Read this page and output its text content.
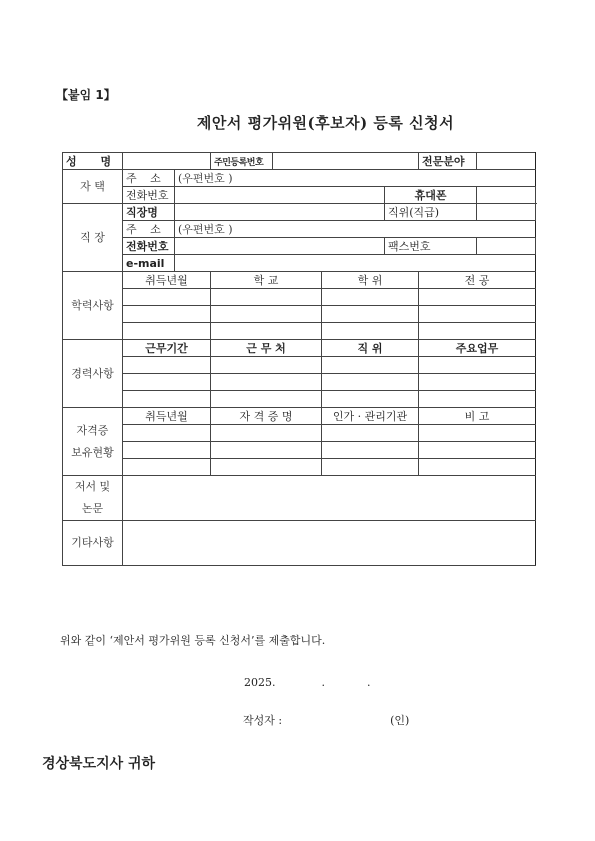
【붙임 1】
제안서 평가위원(후보자) 등록 신청서
성 명			주민등록번호				전문분야	
자 택	주 소	(우편번호 )						
	전화번호					휴대폰		
직 장	직장명					직위(직급)		
	주 소	(우편번호 )						
	전화번호					팩스번호		
	e-mail							
학력사항	취득년월		학 교		학 위		전 공	

경력사항	근무기간		근 무 처		직 위		주요업무	

자격증
보유현황	취득년월		자 격 증 명		인가 · 관리기관		비 고	

저서 및
논문								
기타사항								
위와 같이 ‘제안서 평가위원 등록 신청서’를 제출합니다.
2025.	.	.
작성자 :	(인)
경상북도지사 귀하
